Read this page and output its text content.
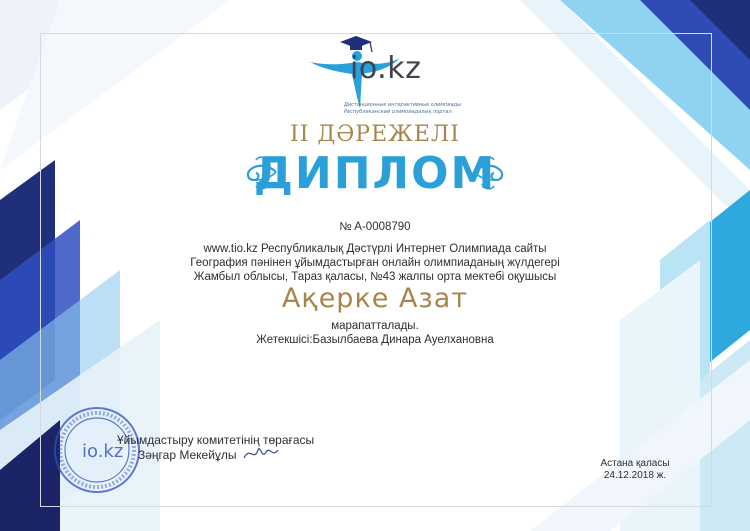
io.kz
Дистанционные интерактивные олимпиады
Республиканский олимпиадалық портал
II ДӘРЕЖЕЛІ
ДИПЛОМ
№ A-0008790
www.tio.kz Республикалық Дәстүрлі Интернет Олимпиада сайты
География пәнінен ұйымдастырған онлайн олимпиаданың жүлдегері
Жамбыл облысы, Тараз қаласы, №43 жалпы орта мектебі оқушысы
Ақерке Азат
марапатталады.
Жетекшісі:Базылбаева Динара Ауелхановна
io.kz
Ұйымдастыру комитетінің төрағасы
Зәңгар Мекейұлы
Астана қаласы
24.12.2018 ж.
